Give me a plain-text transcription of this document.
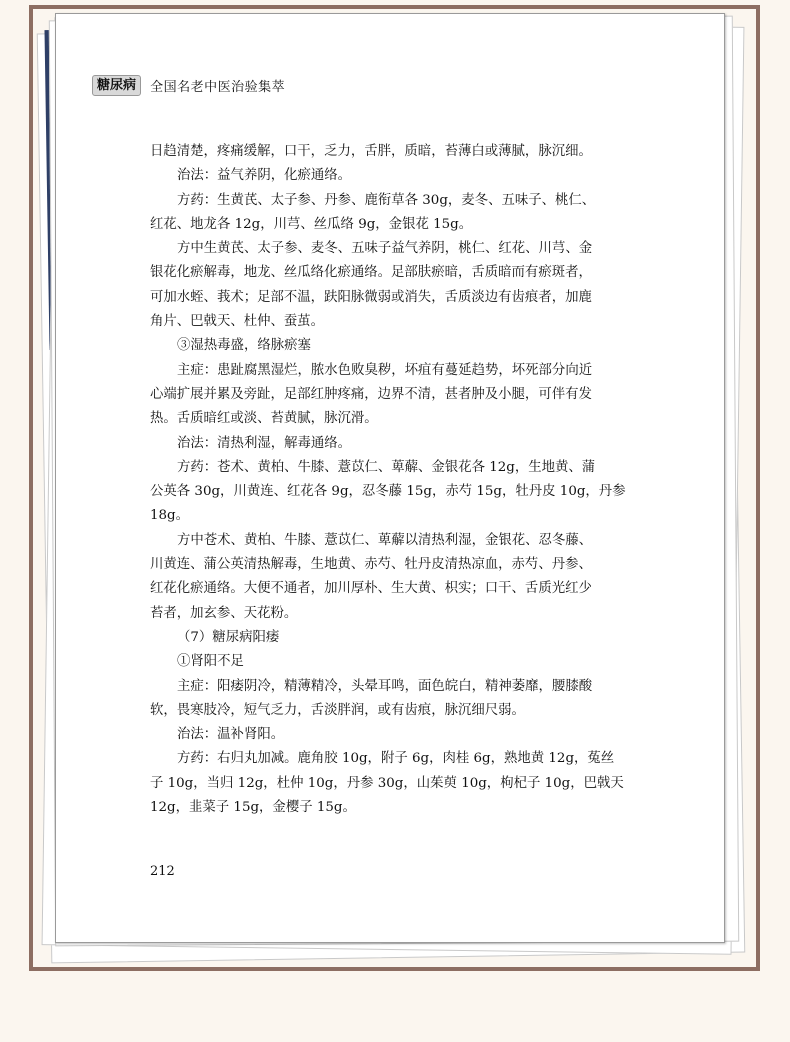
糖尿病 全国名老中医治验集萃
日趋清楚，疼痛缓解，口干，乏力，舌胖，质暗，苔薄白或薄腻，脉沉细。
治法：益气养阴，化瘀通络。
方药：生黄芪、太子参、丹参、鹿衔草各 30g，麦冬、五味子、桃仁、
红花、地龙各 12g，川芎、丝瓜络 9g，金银花 15g。
方中生黄芪、太子参、麦冬、五味子益气养阴，桃仁、红花、川芎、金
银花化瘀解毒，地龙、丝瓜络化瘀通络。足部肤瘀暗，舌质暗而有瘀斑者，
可加水蛭、莪术；足部不温，趺阳脉微弱或消失，舌质淡边有齿痕者，加鹿
角片、巴戟天、杜仲、蚕茧。
③湿热毒盛，络脉瘀塞
主症：患趾腐黑湿烂，脓水色败臭秽，坏疽有蔓延趋势，坏死部分向近
心端扩展并累及旁趾，足部红肿疼痛，边界不清，甚者肿及小腿，可伴有发
热。舌质暗红或淡、苔黄腻，脉沉滑。
治法：清热利湿，解毒通络。
方药：苍术、黄柏、牛膝、薏苡仁、萆薢、金银花各 12g，生地黄、蒲
公英各 30g，川黄连、红花各 9g，忍冬藤 15g，赤芍 15g，牡丹皮 10g，丹参
18g。
方中苍术、黄柏、牛膝、薏苡仁、萆薢以清热利湿，金银花、忍冬藤、
川黄连、蒲公英清热解毒，生地黄、赤芍、牡丹皮清热凉血，赤芍、丹参、
红花化瘀通络。大便不通者，加川厚朴、生大黄、枳实；口干、舌质光红少
苔者，加玄参、天花粉。
（7）糖尿病阳痿
①肾阳不足
主症：阳痿阴冷，精薄精冷，头晕耳鸣，面色皖白，精神萎靡，腰膝酸
软，畏寒肢冷，短气乏力，舌淡胖润，或有齿痕，脉沉细尺弱。
治法：温补肾阳。
方药：右归丸加减。鹿角胶 10g，附子 6g，肉桂 6g，熟地黄 12g，菟丝
子 10g，当归 12g，杜仲 10g，丹参 30g，山茱萸 10g，枸杞子 10g，巴戟天
12g，韭菜子 15g，金樱子 15g。
212
